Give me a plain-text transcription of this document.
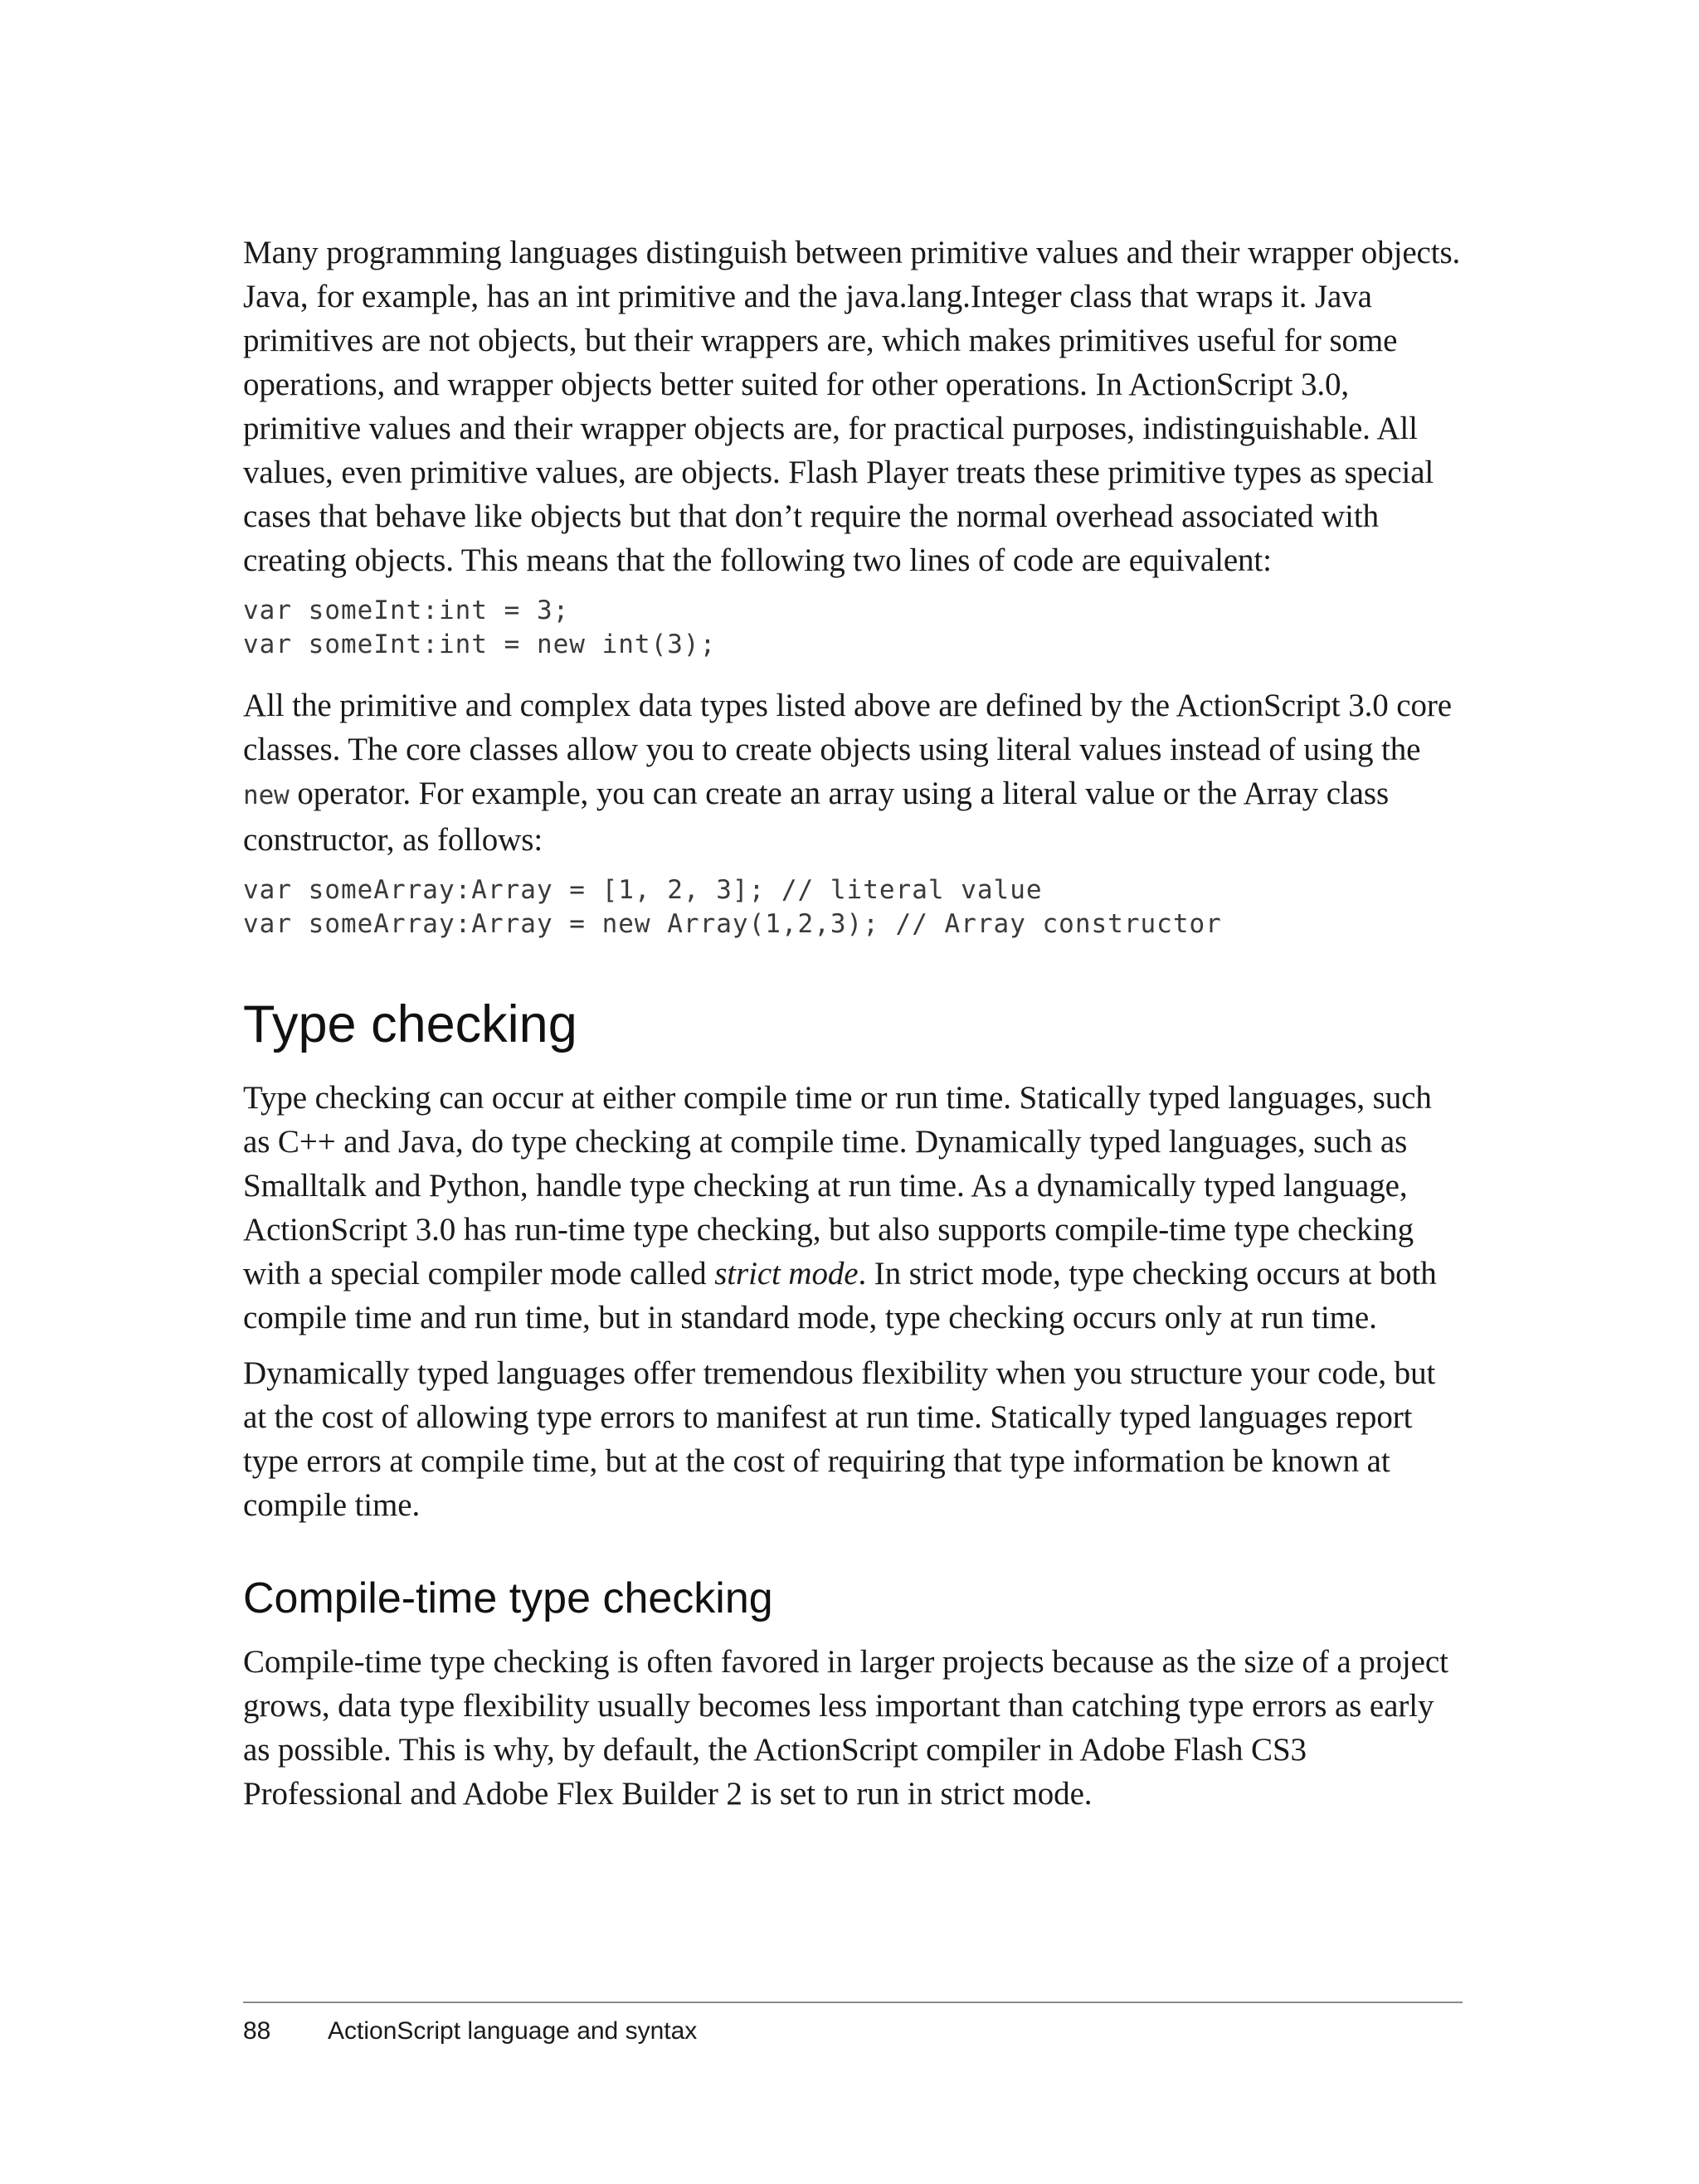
Many programming languages distinguish between primitive values and their wrapper objects. Java, for example, has an int primitive and the java.lang.Integer class that wraps it. Java primitives are not objects, but their wrappers are, which makes primitives useful for some operations, and wrapper objects better suited for other operations. In ActionScript 3.0, primitive values and their wrapper objects are, for practical purposes, indistinguishable. All values, even primitive values, are objects. Flash Player treats these primitive types as special cases that behave like objects but that don’t require the normal overhead associated with creating objects. This means that the following two lines of code are equivalent:

var someInt:int = 3;
var someInt:int = new int(3);

All the primitive and complex data types listed above are defined by the ActionScript 3.0 core classes. The core classes allow you to create objects using literal values instead of using the new operator. For example, you can create an array using a literal value or the Array class constructor, as follows:

var someArray:Array = [1, 2, 3]; // literal value
var someArray:Array = new Array(1,2,3); // Array constructor
Type checking

Type checking can occur at either compile time or run time. Statically typed languages, such as C++ and Java, do type checking at compile time. Dynamically typed languages, such as Smalltalk and Python, handle type checking at run time. As a dynamically typed language, ActionScript 3.0 has run-time type checking, but also supports compile-time type checking with a special compiler mode called strict mode. In strict mode, type checking occurs at both compile time and run time, but in standard mode, type checking occurs only at run time.

Dynamically typed languages offer tremendous flexibility when you structure your code, but at the cost of allowing type errors to manifest at run time. Statically typed languages report type errors at compile time, but at the cost of requiring that type information be known at compile time.

Compile-time type checking

Compile-time type checking is often favored in larger projects because as the size of a project grows, data type flexibility usually becomes less important than catching type errors as early as possible. This is why, by default, the ActionScript compiler in Adobe Flash CS3 Professional and Adobe Flex Builder 2 is set to run in strict mode.

88 ActionScript language and syntax
